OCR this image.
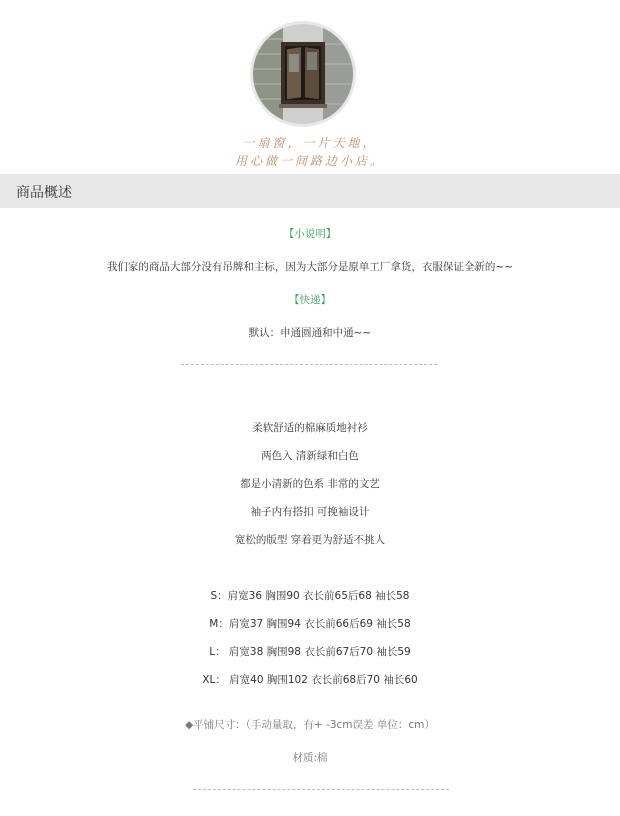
一扇窗，一片天地，
用心做一间路边小店。
商品概述
【小说明】
我们家的商品大部分没有吊牌和主标，因为大部分是原单工厂拿货，衣服保证全新的~~
【快递】
默认：申通圆通和中通~~
柔软舒适的棉麻质地衬衫
两色入 清新绿和白色
都是小清新的色系 非常的文艺
袖子内有搭扣 可挽袖设计
宽松的版型 穿着更为舒适不挑人
S：肩宽36 胸围90 衣长前65后68 袖长58
M：肩宽37 胸围94 衣长前66后69 袖长58
L： 肩宽38 胸围98 衣长前67后70 袖长59
XL： 肩宽40 胸围102 衣长前68后70 袖长60
◆平铺尺寸：（手动量取，有+ -3cm误差 单位：cm）
材质:棉
